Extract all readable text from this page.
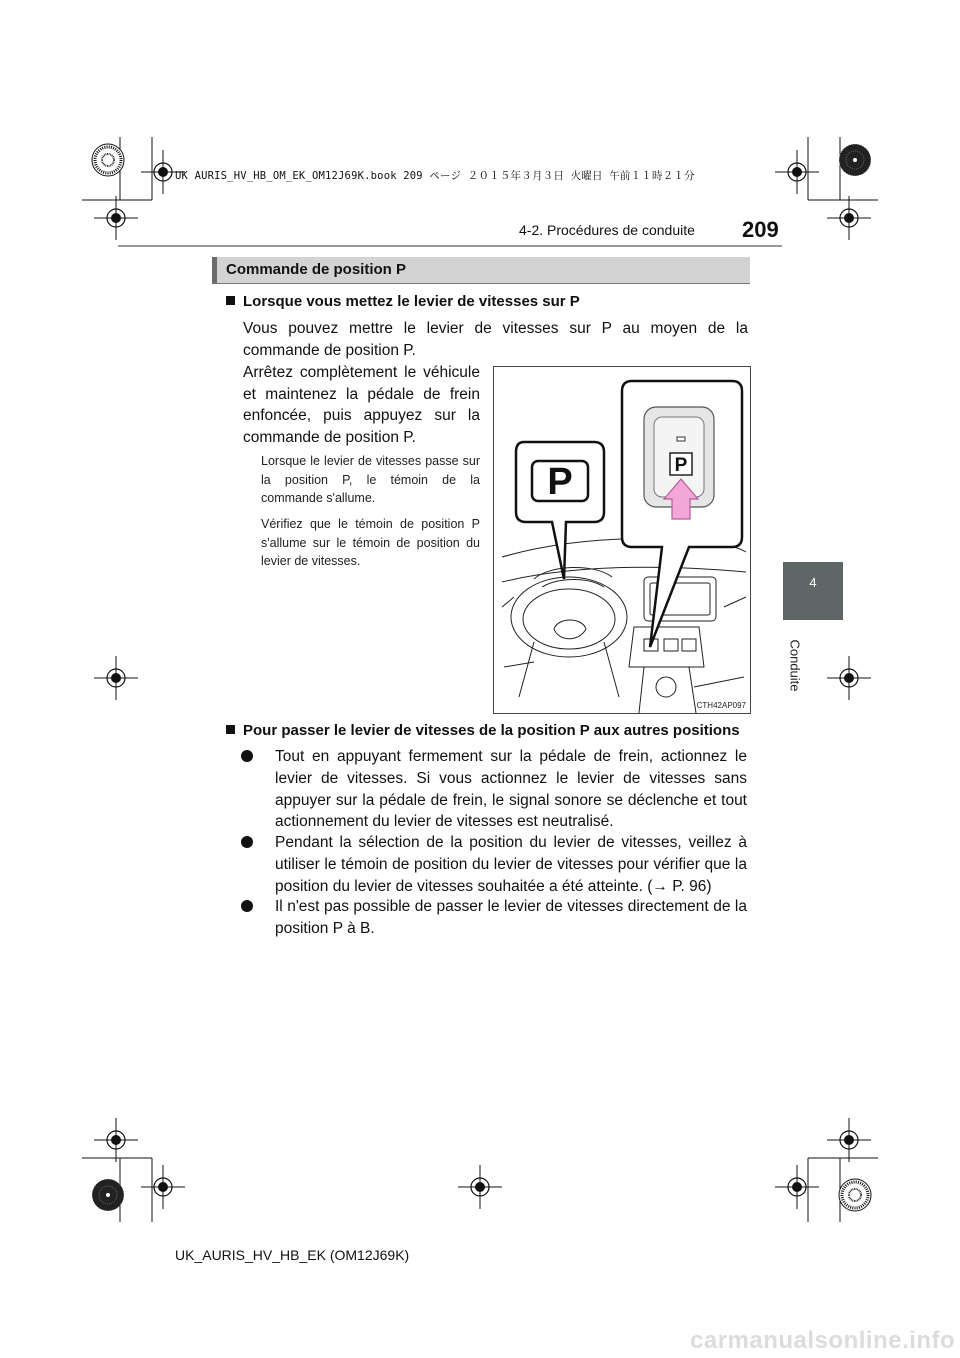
UK AURIS_HV_HB_OM_EK_OM12J69K.book 209 ページ ２０１５年３月３日 火曜日 午前１１時２１分
4-2. Procédures de conduite 209
4
Conduite
Commande de position P
Lorsque vous mettez le levier de vitesses sur P
Vous pouvez mettre le levier de vitesses sur P au moyen de la commande de position P.
Arrêtez complètement le véhicule et maintenez la pédale de frein enfoncée, puis appuyez sur la commande de position P.
Lorsque le levier de vitesses passe sur la position P, le témoin de la commande s'allume.
Vérifiez que le témoin de position P s'allume sur le témoin de position du levier de vitesses.
P	P
CTH42AP097
Pour passer le levier de vitesses de la position P aux autres positions
Tout en appuyant fermement sur la pédale de frein, actionnez le levier de vitesses. Si vous actionnez le levier de vitesses sans appuyer sur la pédale de frein, le signal sonore se déclenche et tout actionnement du levier de vitesses est neutralisé.
Pendant la sélection de la position du levier de vitesses, veillez à utiliser le témoin de position du levier de vitesses pour vérifier que la position du levier de vitesses souhaitée a été atteinte. (→ P. 96)
Il n'est pas possible de passer le levier de vitesses directement de la position P à B.
UK_AURIS_HV_HB_EK (OM12J69K)
carmanualsonline.info
